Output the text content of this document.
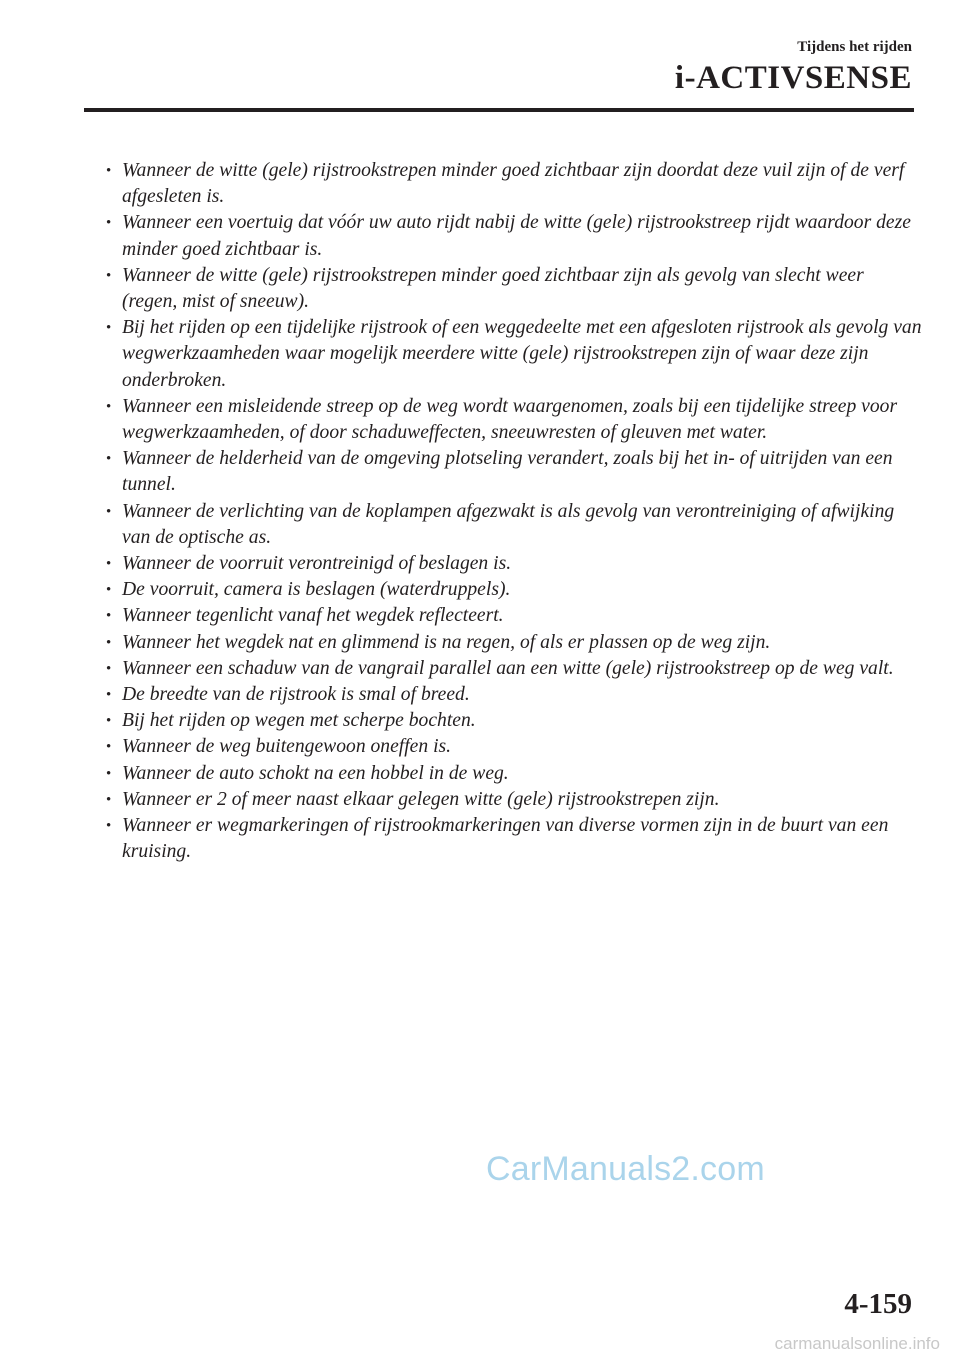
Tijdens het rijden
i-ACTIVSENSE
• Wanneer de witte (gele) rijstrookstrepen minder goed zichtbaar zijn doordat deze vuil zijn of de verf afgesleten is.
• Wanneer een voertuig dat vóór uw auto rijdt nabij de witte (gele) rijstrookstreep rijdt waardoor deze minder goed zichtbaar is.
• Wanneer de witte (gele) rijstrookstrepen minder goed zichtbaar zijn als gevolg van slecht weer (regen, mist of sneeuw).
• Bij het rijden op een tijdelijke rijstrook of een weggedeelte met een afgesloten rijstrook als gevolg van wegwerkzaamheden waar mogelijk meerdere witte (gele) rijstrookstrepen zijn of waar deze zijn onderbroken.
• Wanneer een misleidende streep op de weg wordt waargenomen, zoals bij een tijdelijke streep voor wegwerkzaamheden, of door schaduweffecten, sneeuwresten of gleuven met water.
• Wanneer de helderheid van de omgeving plotseling verandert, zoals bij het in- of uitrijden van een tunnel.
• Wanneer de verlichting van de koplampen afgezwakt is als gevolg van verontreiniging of afwijking van de optische as.
• Wanneer de voorruit verontreinigd of beslagen is.
• De voorruit, camera is beslagen (waterdruppels).
• Wanneer tegenlicht vanaf het wegdek reflecteert.
• Wanneer het wegdek nat en glimmend is na regen, of als er plassen op de weg zijn.
• Wanneer een schaduw van de vangrail parallel aan een witte (gele) rijstrookstreep op de weg valt.
• De breedte van de rijstrook is smal of breed.
• Bij het rijden op wegen met scherpe bochten.
• Wanneer de weg buitengewoon oneffen is.
• Wanneer de auto schokt na een hobbel in de weg.
• Wanneer er 2 of meer naast elkaar gelegen witte (gele) rijstrookstrepen zijn.
• Wanneer er wegmarkeringen of rijstrookmarkeringen van diverse vormen zijn in de buurt van een kruising.
CarManuals2.com
4-159
carmanualsonline.info
